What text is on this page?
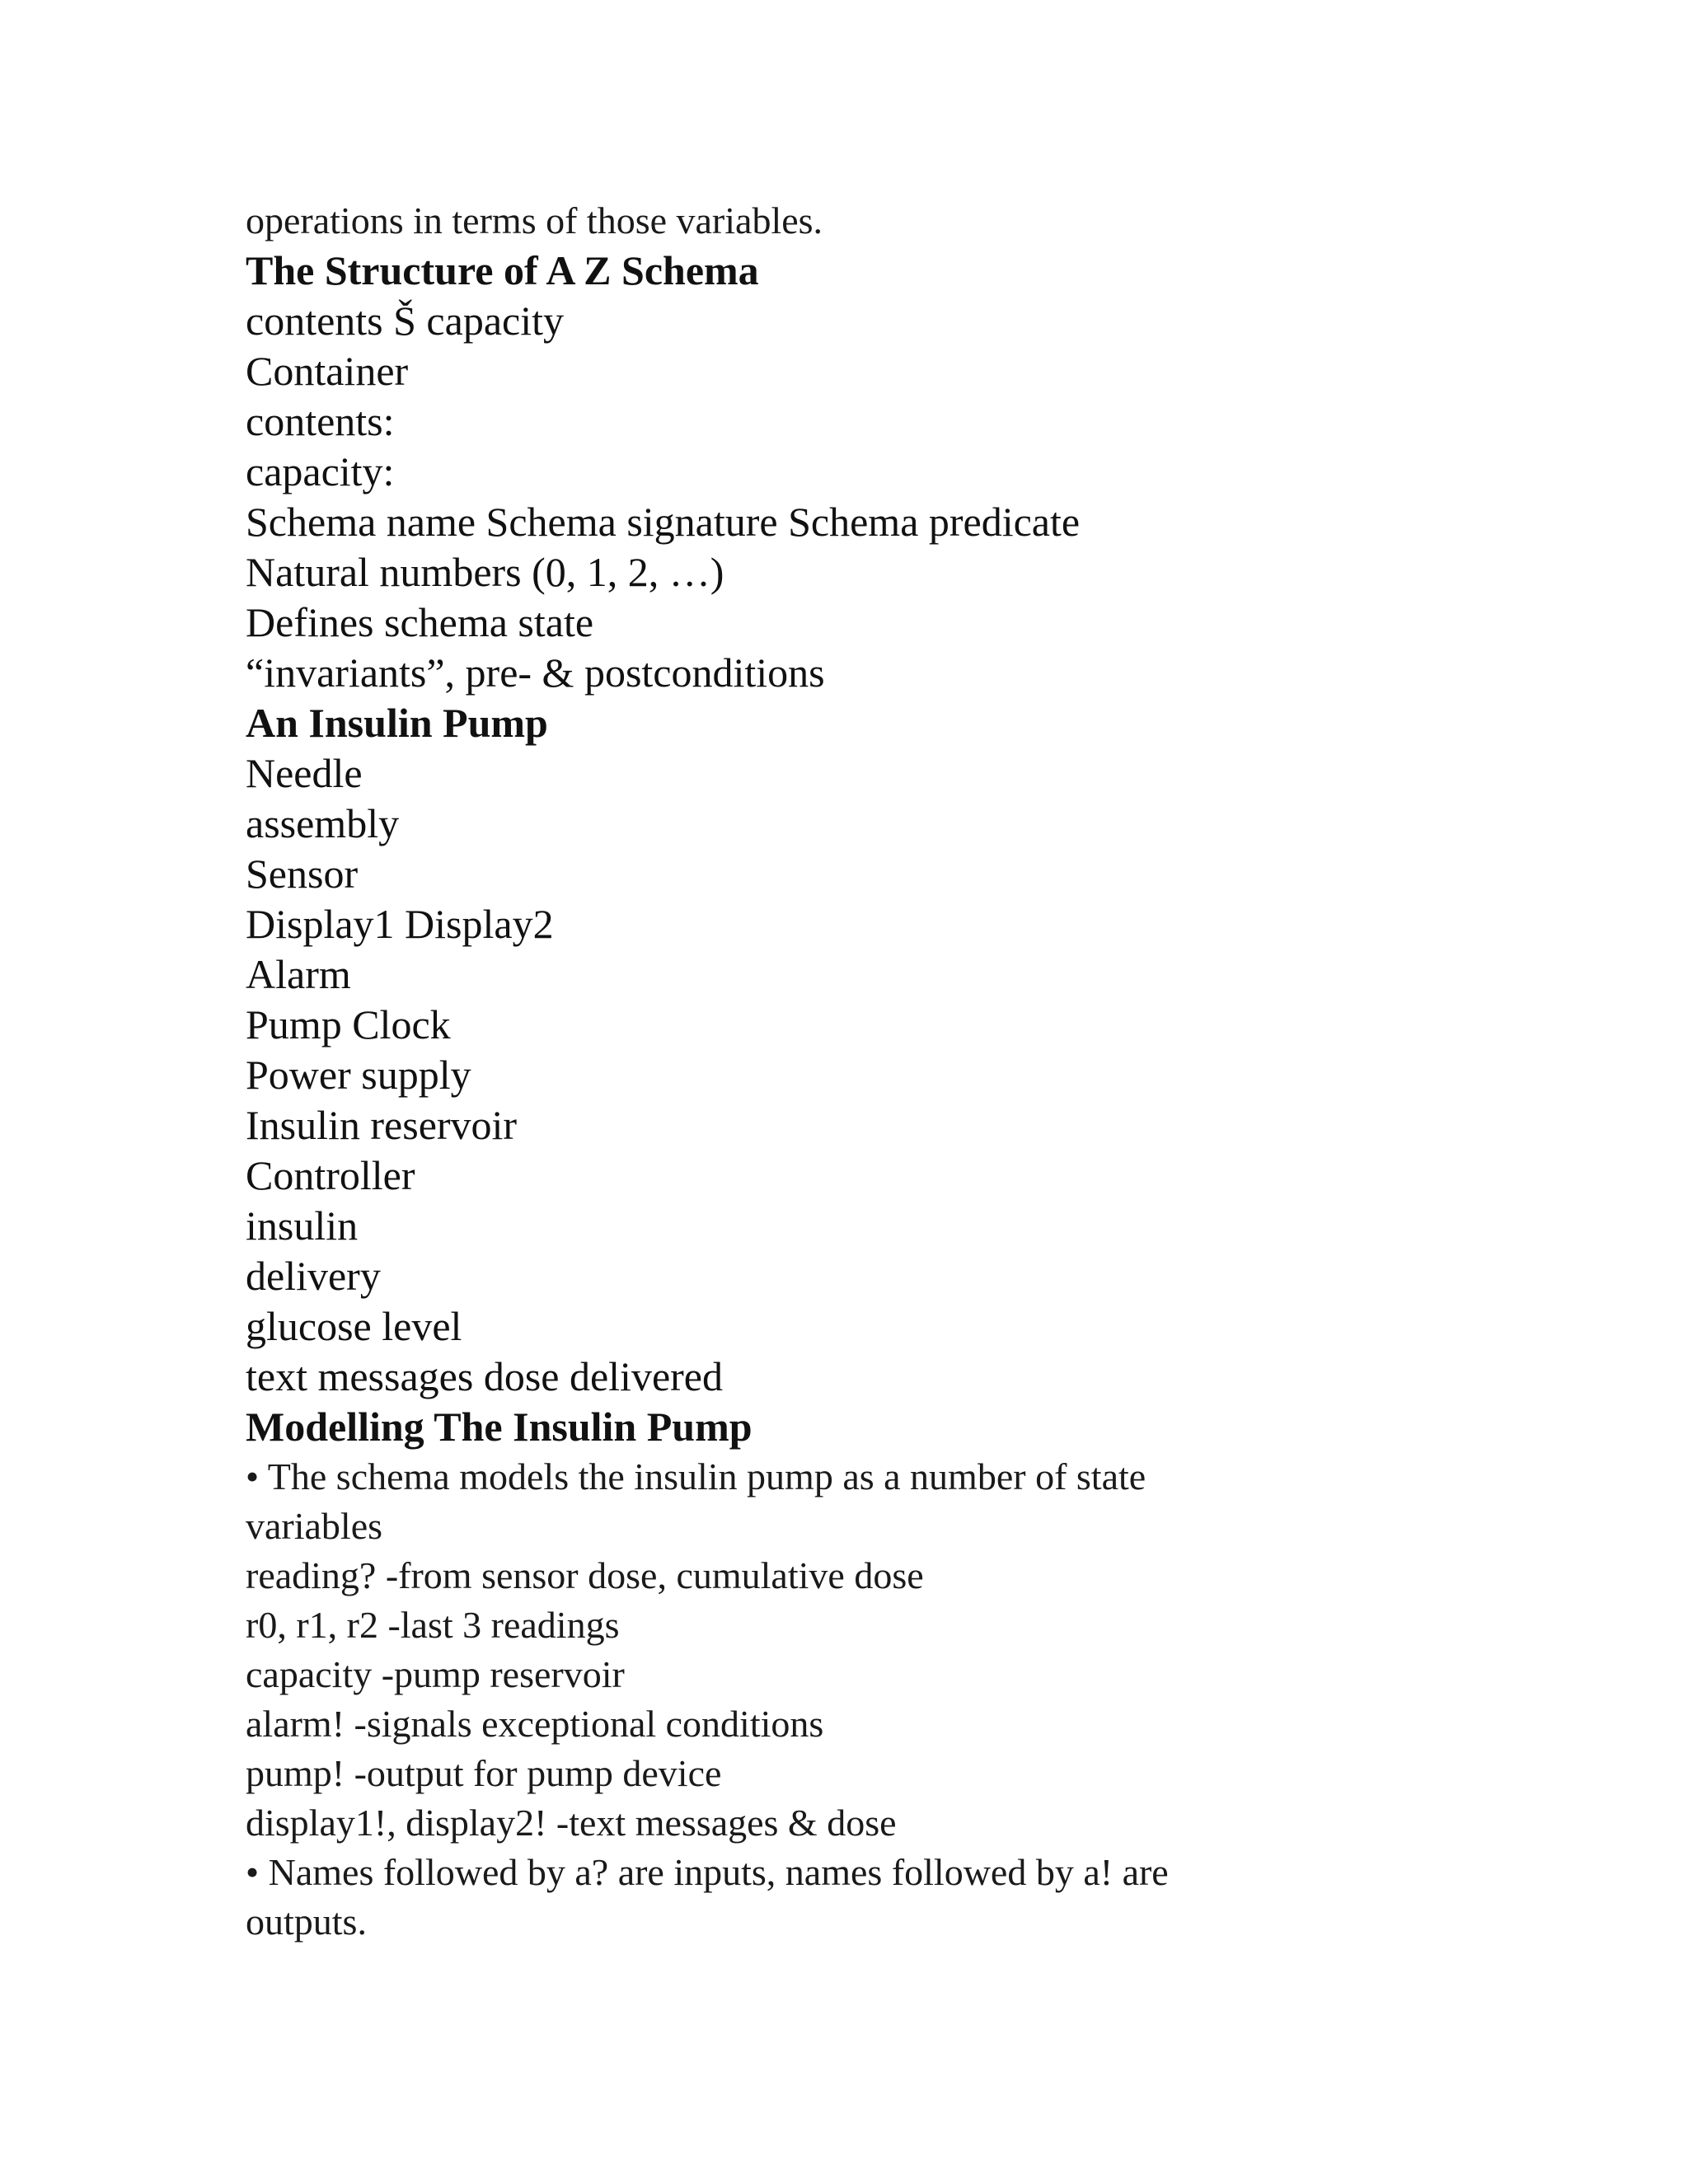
operations in terms of those variables.

The Structure of A Z Schema

contents Š capacity

Container

contents:

capacity:

Schema name Schema signature Schema predicate

Natural numbers (0, 1, 2, …)

Defines schema state

“invariants”, pre- & postconditions

An Insulin Pump

Needle

assembly

Sensor

Display1 Display2

Alarm

Pump Clock

Power supply

Insulin reservoir

Controller

insulin

delivery

glucose level

text messages dose delivered

Modelling The Insulin Pump

• The schema models the insulin pump as a number of state

variables

reading? -from sensor dose, cumulative dose

r0, r1, r2 -last 3 readings

capacity -pump reservoir

alarm! -signals exceptional conditions

pump! -output for pump device

display1!, display2! -text messages & dose

• Names followed by a? are inputs, names followed by a! are

outputs.
